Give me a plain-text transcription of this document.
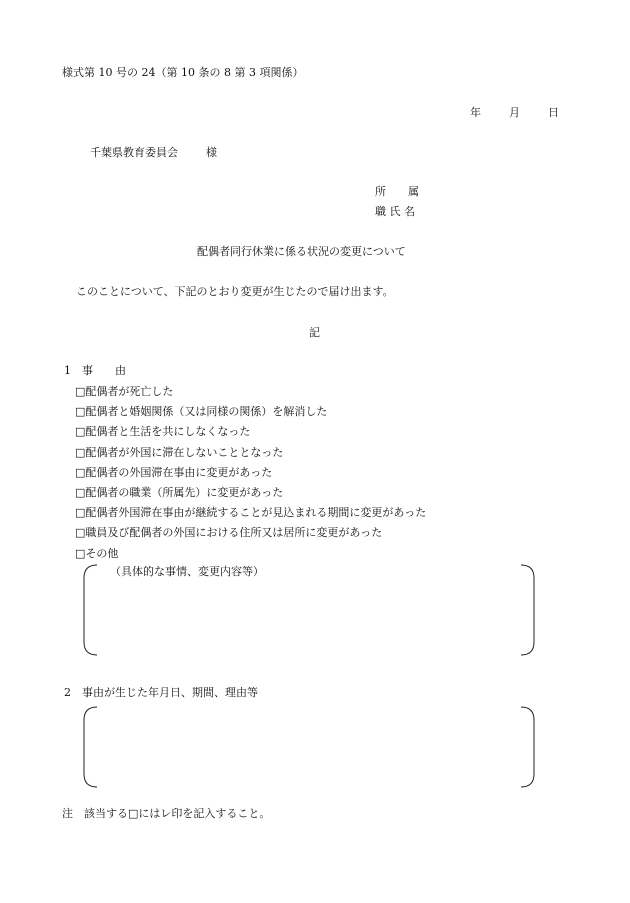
様式第 10 号の 24（第 10 条の 8 第 3 項関係）
年	月	日
千葉県教育委員会	様
所　　属
職 氏 名
配偶者同行休業に係る状況の変更について
このことについて、下記のとおり変更が生じたので届け出ます。
記
1　事　　由
□配偶者が死亡した
□配偶者と婚姻関係（又は同様の関係）を解消した
□配偶者と生活を共にしなくなった
□配偶者が外国に滞在しないこととなった
□配偶者の外国滞在事由に変更があった
□配偶者の職業（所属先）に変更があった
□配偶者外国滞在事由が継続することが見込まれる期間に変更があった
□職員及び配偶者の外国における住所又は居所に変更があった
□その他
（具体的な事情、変更内容等）
2　事由が生じた年月日、期間、理由等
注　該当する□にはレ印を記入すること。
